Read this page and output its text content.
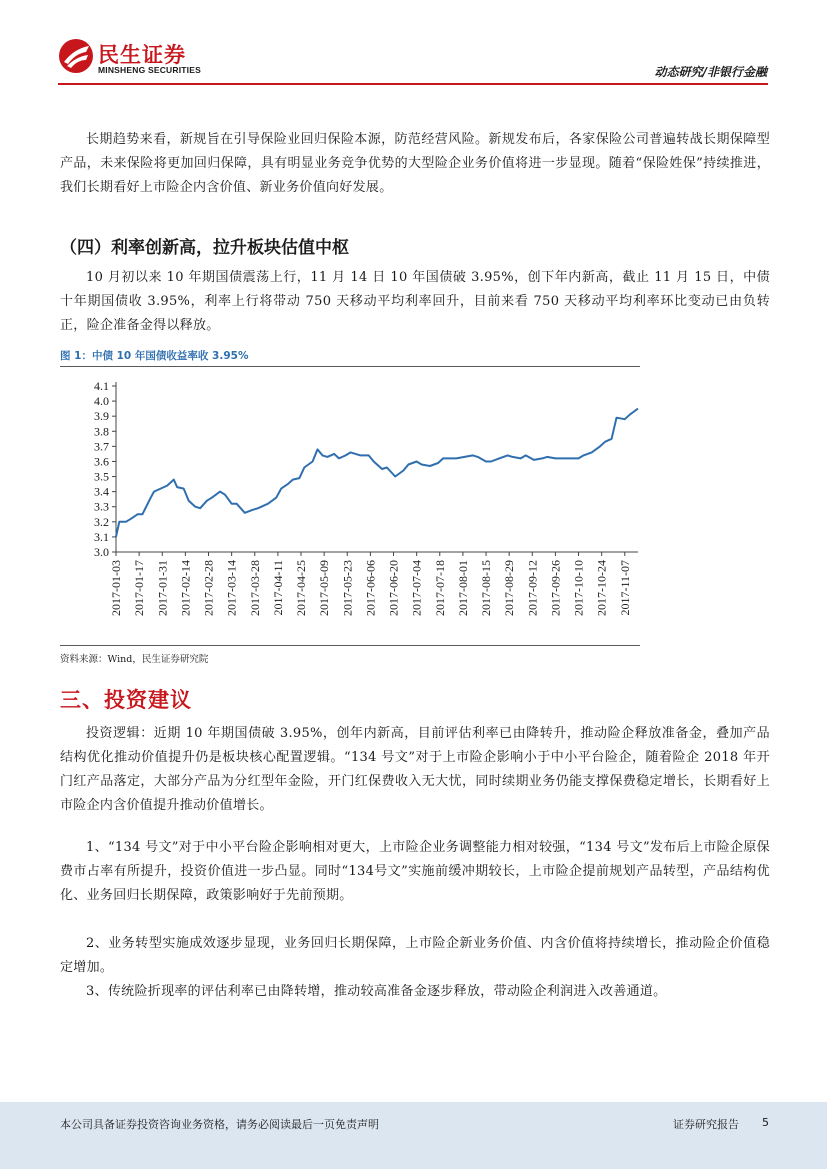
民生证券
MINSHENG SECURITIES	动态研究/非银行金融

长期趋势来看，新规旨在引导保险业回归保险本源，防范经营风险。新规发布后，各家保险公司普遍转战长期保障型产品，未来保险将更加回归保障，具有明显业务竞争优势的大型险企业务价值将进一步显现。随着“保险姓保”持续推进，我们长期看好上市险企内含价值、新业务价值向好发展。

（四）利率创新高，拉升板块估值中枢

10 月初以来 10 年期国债震荡上行，11 月 14 日 10 年国债破 3.95%，创下年内新高，截止 11 月 15 日，中债十年期国债收 3.95%，利率上行将带动 750 天移动平均利率回升，目前来看 750 天移动平均利率环比变动已由负转正，险企准备金得以释放。

图 1：中债 10 年国债收益率收 3.95%
4.1
4.0
3.9
3.8
3.7
3.6
3.5
3.4
3.3
3.2
3.1
3.0
2017-01-03 2017-01-17 2017-01-31 2017-02-14 2017-02-28 2017-03-14 2017-03-28 2017-04-11 2017-04-25 2017-05-09 2017-05-23 2017-06-06 2017-06-20 2017-07-04 2017-07-18 2017-08-01 2017-08-15 2017-08-29 2017-09-12 2017-09-26 2017-10-10 2017-10-24 2017-11-07
资料来源：Wind，民生证券研究院
三、投资建议

投资逻辑：近期 10 年期国债破 3.95%，创年内新高，目前评估利率已由降转升，推动险企释放准备金，叠加产品结构优化推动价值提升仍是板块核心配置逻辑。“134 号文”对于上市险企影响小于中小平台险企，随着险企 2018 年开门红产品落定，大部分产品为分红型年金险，开门红保费收入无大忧，同时续期业务仍能支撑保费稳定增长，长期看好上市险企内含价值提升推动价值增长。

1、“134 号文”对于中小平台险企影响相对更大，上市险企业务调整能力相对较强，“134 号文”发布后上市险企原保费市占率有所提升，投资价值进一步凸显。同时“134号文”实施前缓冲期较长，上市险企提前规划产品转型，产品结构优化、业务回归长期保障，政策影响好于先前预期。

2、业务转型实施成效逐步显现，业务回归长期保障，上市险企新业务价值、内含价值将持续增长，推动险企价值稳定增加。

3、传统险折现率的评估利率已由降转增，推动较高准备金逐步释放，带动险企利润进入改善通道。

本公司具备证券投资咨询业务资格，请务必阅读最后一页免责声明	证券研究报告 5
